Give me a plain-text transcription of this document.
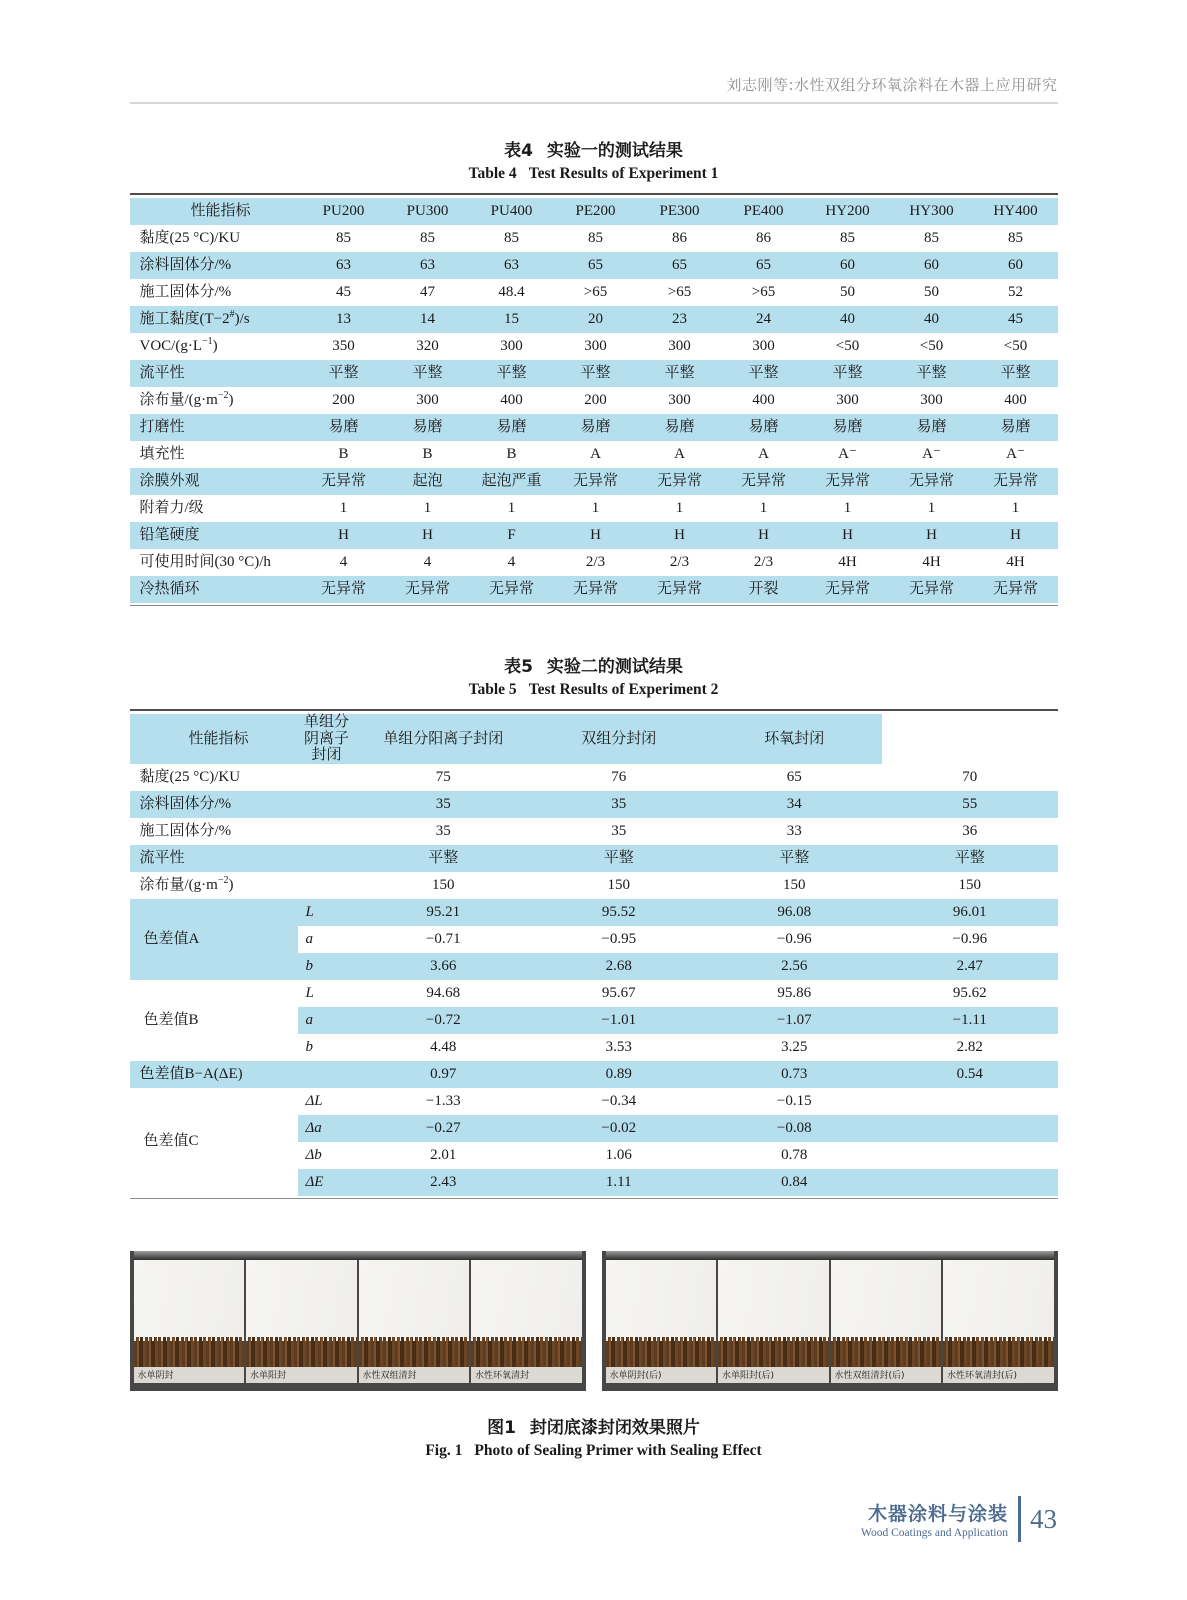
刘志刚等:水性双组分环氧涂料在木器上应用研究
表4 实验一的测试结果
Table 4 Test Results of Experiment 1
性能指标	PU200	PU300	PU400	PE200	PE300	PE400	HY200	HY300	HY400
黏度(25 °C)/KU	85	85	85	85	86	86	85	85	85
涂料固体分/%	63	63	63	65	65	65	60	60	60
施工固体分/%	45	47	48.4	>65	>65	>65	50	50	52
施工黏度(T−2#)/s	13	14	15	20	23	24	40	40	45
VOC/$(g\cdot L^{-1})$	350	320	300	300	300	300	<50	<50	<50
流平性	平整	平整	平整	平整	平整	平整	平整	平整	平整
涂布量$/(g\cdot m^{-2})$	200	300	400	200	300	400	300	300	400
打磨性	易磨	易磨	易磨	易磨	易磨	易磨	易磨	易磨	易磨
填充性	B	B	B	A	A	A	A⁻	A⁻	A⁻
涂膜外观	无异常	起泡	起泡严重	无异常	无异常	无异常	无异常	无异常	无异常
附着力/级	1	1	1	1	1	1	1	1	1
铅笔硬度	H	H	F	H	H	H	H	H	H
可使用时间(30 °C)/h	4	4	4	2/3	2/3	2/3	4H	4H	4H
冷热循环	无异常	无异常	无异常	无异常	无异常	开裂	无异常	无异常	无异常
表5 实验二的测试结果
Table 5 Test Results of Experiment 2
性能指标	单组分阴离子封闭	单组分阳离子封闭	双组分封闭	环氧封闭	
黏度(25 °C)/KU		75	76	65	70
涂料固体分/%		35	35	34	55
施工固体分/%		35	35	33	36
流平性		平整	平整	平整	平整
涂布量$/(g\cdot m^{-2})$		150	150	150	150
色差值A	L	95.21	95.52	96.08	96.01
	a	−0.71	−0.95	−0.96	−0.96
	b	3.66	2.68	2.56	2.47
色差值B	L	94.68	95.67	95.86	95.62
	a	−0.72	−1.01	−1.07	−1.11
	b	4.48	3.53	3.25	2.82
色差值B−A(ΔE)		0.97	0.89	0.73	0.54
色差值C	ΔL	−1.33	−0.34	−0.15	
	Δa	−0.27	−0.02	−0.08	
	Δb	2.01	1.06	0.78	
	ΔE	2.43	1.11	0.84	
水单阴封	水单阳封	水性双组清封	水性环氧清封	水单阴封(后)	水单阳封(后)	水性双组清封(后)	水性环氧清封(后)
图1 封闭底漆封闭效果照片
Fig. 1 Photo of Sealing Primer with Sealing Effect
木器涂料与涂装
Wood Coatings and Application 43
